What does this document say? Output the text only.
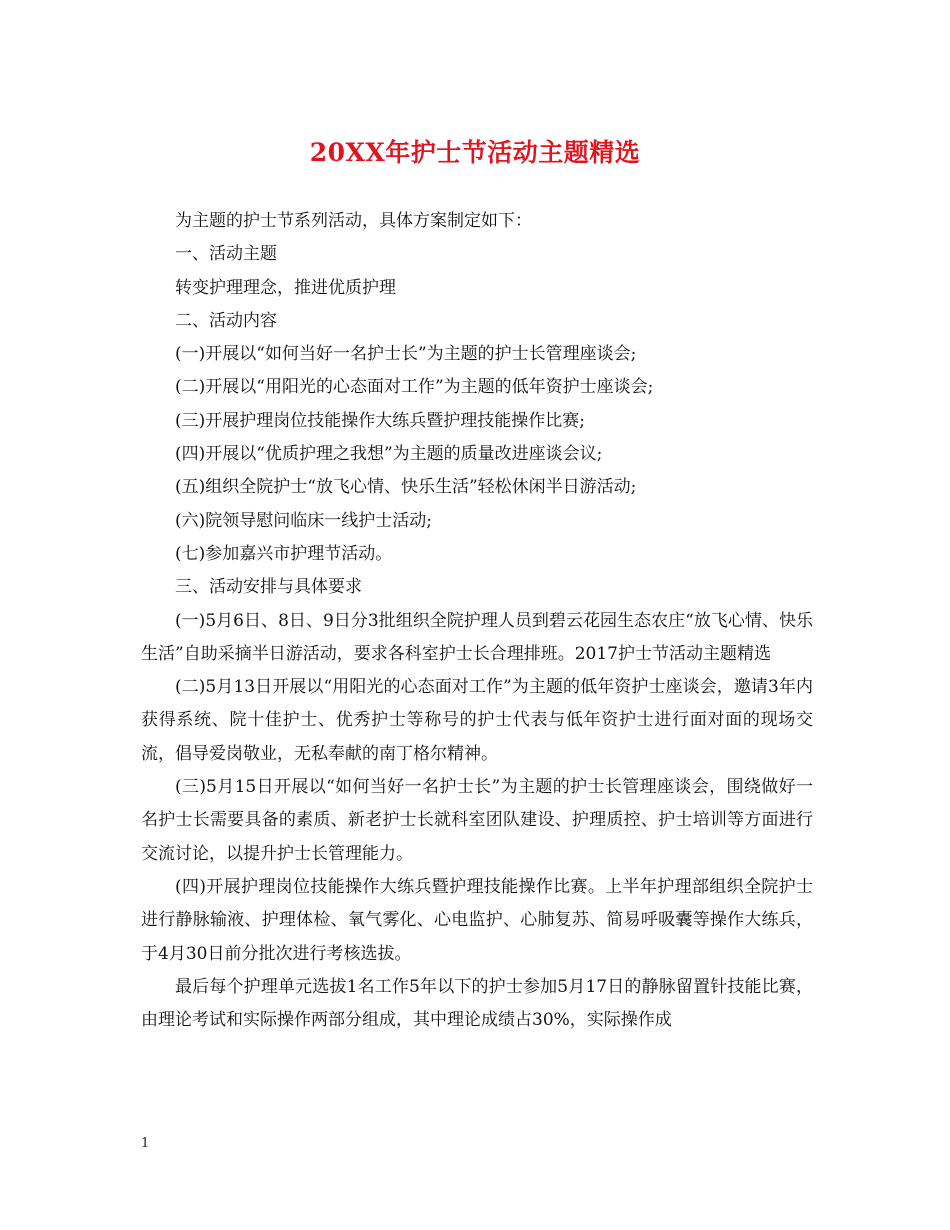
20XX年护士节活动主题精选

为主题的护士节系列活动，具体方案制定如下：

一、活动主题

转变护理理念，推进优质护理

二、活动内容

(一)开展以“如何当好一名护士长”为主题的护士长管理座谈会;

(二)开展以“用阳光的心态面对工作”为主题的低年资护士座谈会;

(三)开展护理岗位技能操作大练兵暨护理技能操作比赛;

(四)开展以“优质护理之我想”为主题的质量改进座谈会议;

(五)组织全院护士“放飞心情、快乐生活”轻松休闲半日游活动;

(六)院领导慰问临床一线护士活动;

(七)参加嘉兴市护理节活动。

三、活动安排与具体要求

(一)5月6日、8日、9日分3批组织全院护理人员到碧云花园生态农庄“放飞心情、快乐生活”自助采摘半日游活动，要求各科室护士长合理排班。2017护士节活动主题精选

(二)5月13日开展以“用阳光的心态面对工作”为主题的低年资护士座谈会，邀请3年内获得系统、院十佳护士、优秀护士等称号的护士代表与低年资护士进行面对面的现场交流，倡导爱岗敬业，无私奉献的南丁格尔精神。

(三)5月15日开展以“如何当好一名护士长”为主题的护士长管理座谈会，围绕做好一名护士长需要具备的素质、新老护士长就科室团队建设、护理质控、护士培训等方面进行交流讨论，以提升护士长管理能力。

(四)开展护理岗位技能操作大练兵暨护理技能操作比赛。上半年护理部组织全院护士进行静脉输液、护理体检、氧气雾化、心电监护、心肺复苏、简易呼吸囊等操作大练兵，于4月30日前分批次进行考核选拔。

最后每个护理单元选拔1名工作5年以下的护士参加5月17日的静脉留置针技能比赛，由理论考试和实际操作两部分组成，其中理论成绩占30%，实际操作成

1
